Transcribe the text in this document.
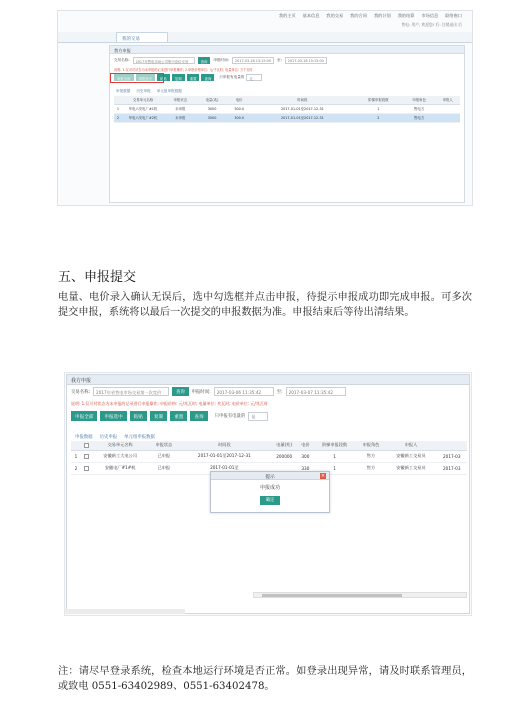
我的主页 基本信息 我的交易 我的合同 我的计划 我的结算 市场信息 联络窗口
售电: 用户, 欢迎您! 后: 注销退出 后
我的交易
我方申报
交易名称:	2017年售电市场公司集中竞价交易	查询	申报时间:	2017-03-18 13:15:00	至:	2017-03-18 15:15:00
说明: 1.仅可对状态为未申报的记录进行申报操作; 2.申报价格单位: 元/千瓦时; 电量单位: 万千瓦时
申报全部	申报选中	粘贴	复制	重置	查询	只申报有电量的	无
申报数据 历史申报 单元组申报数据
	交易单元名称	申报状态	电量(兆)	电价	时间段	阶梯申报段数	申报角色	申报人
1	华电六安电厂#1机	未申报	3000	300.0	2017-01-01至2017-12-31	1	售电方	
2	华电六安电厂#2机	未申报	3500	300.0	2017-01-01至2017-12-31	2	售电方	
五、申报提交
电量、电价录入确认无误后，选中勾选框并点击申报，待提示申报成功即完成申报。可多次提交申报，系统将以最后一次提交的申报数据为准。申报结束后等待出清结果。
我方申报
交易名称:	2017年省售电市场交易第一次竞价	查询	申报时间:	2017-03-06 11:35:42	至:	2017-03-07 11:35:42
说明: 1.仅可对状态为未申报的记录进行申报操作; 申报价格: 元/兆瓦时; 电量单位: 兆瓦时; 电价单位: 元/兆瓦时
申报全部	申报选中	粘贴	复制	重置	查询	只申报有电量的	是
申报数据 历史申报 单元组申报数据
		交易单元名称	申报状态	时间段	电量(兆)	电价	阶梯申报段数	申报角色	申报人	
1		安徽新工大电公司	已申报	2017-01-01至2017-12-31	200000	300	1	售方	安徽新工交易员	2017-03
2		安徽电厂#1#机	已申报	2017-01-01至		330	1	售方	安徽新工交易员	2017-03
提示	×
申报成功
确定
注：请尽早登录系统，检查本地运行环境是否正常。如登录出现异常，请及时联系管理员，或致电 0551-63402989、0551-63402478。
